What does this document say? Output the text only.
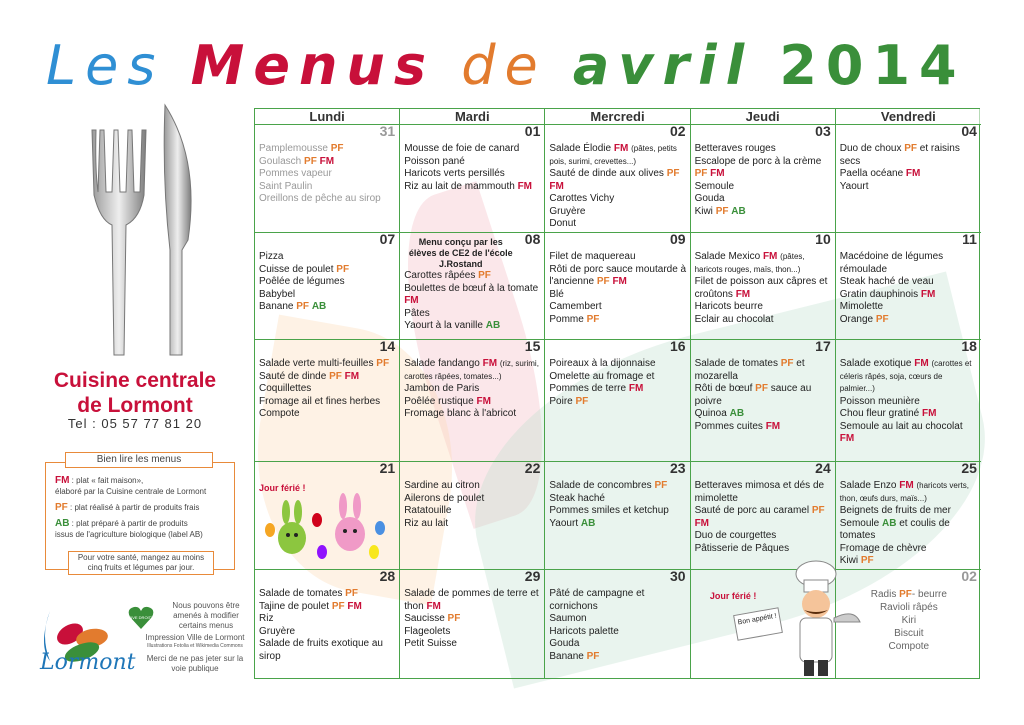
Les Menus de avril 2014
Cuisine centrale
de Lormont
Tel : 05 57 77 81 20
Bien lire les menus

FM : plat « fait maison»,
élaboré par la Cuisine centrale de Lormont

PF : plat réalisé à partir de produits frais

AB : plat préparé à partir de produits
issus de l'agriculture biologique (label AB)

Pour votre santé, mangez au moins cinq fruits et légumes par jour.
Lormont
RIVE DROITE
Nous pouvons être amenés à modifier certains menus
Impression Ville de Lormont
Illustrations Fotolia et Wikimedia Commons
Merci de ne pas jeter sur la voie publique
Lundi	Mardi	Mercredi	Jeudi	Vendredi
31
Pamplemousse PF
Goulasch PF FM
Pommes vapeur
Saint Paulin
Oreillons de pêche au sirop
01
Mousse de foie de canard
Poisson pané
Haricots verts persillés
Riz au lait de mammouth FM
02
Salade Élodie FM (pâtes, petits pois, surimi, crevettes...)
Sauté de dinde aux olives PF FM
Carottes Vichy
Gruyère
Donut
03
Betteraves rouges
Escalope de porc à la crème PF FM
Semoule
Gouda
Kiwi PF AB
04
Duo de choux PF et raisins secs
Paella océane FM
Yaourt
07
Pizza
Cuisse de poulet PF
Poêlée de légumes
Babybel
Banane PF AB
08
Menu conçu par les élèves de CE2 de l'école J.Rostand
Carottes râpées PF
Boulettes de bœuf à la tomate FM
Pâtes
Yaourt à la vanille AB
09
Filet de maquereau
Rôti de porc sauce moutarde à l'ancienne PF FM
Blé
Camembert
Pomme PF
10
Salade Mexico FM (pâtes, haricots rouges, maïs, thon...)
Filet de poisson aux câpres et croûtons FM
Haricots beurre
Eclair au chocolat
11
Macédoine de légumes rémoulade
Steak haché de veau
Gratin dauphinois FM
Mimolette
Orange PF
14
Salade verte multi-feuilles PF
Sauté de dinde PF FM
Coquillettes
Fromage ail et fines herbes
Compote
15
Salade fandango FM (riz, surimi, carottes râpées, tomates...)
Jambon de Paris
Poêlée rustique FM
Fromage blanc à l'abricot
16
Poireaux à la dijonnaise
Omelette au fromage et Pommes de terre FM
Poire PF
17
Salade de tomates PF et mozarella
Rôti de bœuf PF sauce au poivre
Quinoa AB
Pommes cuites FM
18
Salade exotique FM (carottes et céleris râpés, soja, cœurs de palmier...)
Poisson meunière
Chou fleur gratiné FM
Semoule au lait au chocolat FM
21
Jour férié !
22
Sardine au citron
Ailerons de poulet
Ratatouille
Riz au lait
23
Salade de concombres PF
Steak haché
Pommes smiles et ketchup
Yaourt AB
24
Betteraves mimosa et dés de mimolette
Sauté de porc au caramel PF FM
Duo de courgettes
Pâtisserie de Pâques
25
Salade Enzo FM (haricots verts, thon, œufs durs, maïs...)
Beignets de fruits de mer
Semoule AB et coulis de tomates
Fromage de chèvre
Kiwi PF
28
Salade de tomates PF
Tajine de poulet PF FM
Riz
Gruyère
Salade de fruits exotique au sirop
29
Salade de pommes de terre et thon FM
Saucisse PF
Flageolets
Petit Suisse
30
Pâté de campagne et cornichons
Saumon
Haricots palette
Gouda
Banane PF
Jour férié !
02
Radis PF- beurre
Ravioli râpés
Kiri
Biscuit
Compote
Bon appétit !
